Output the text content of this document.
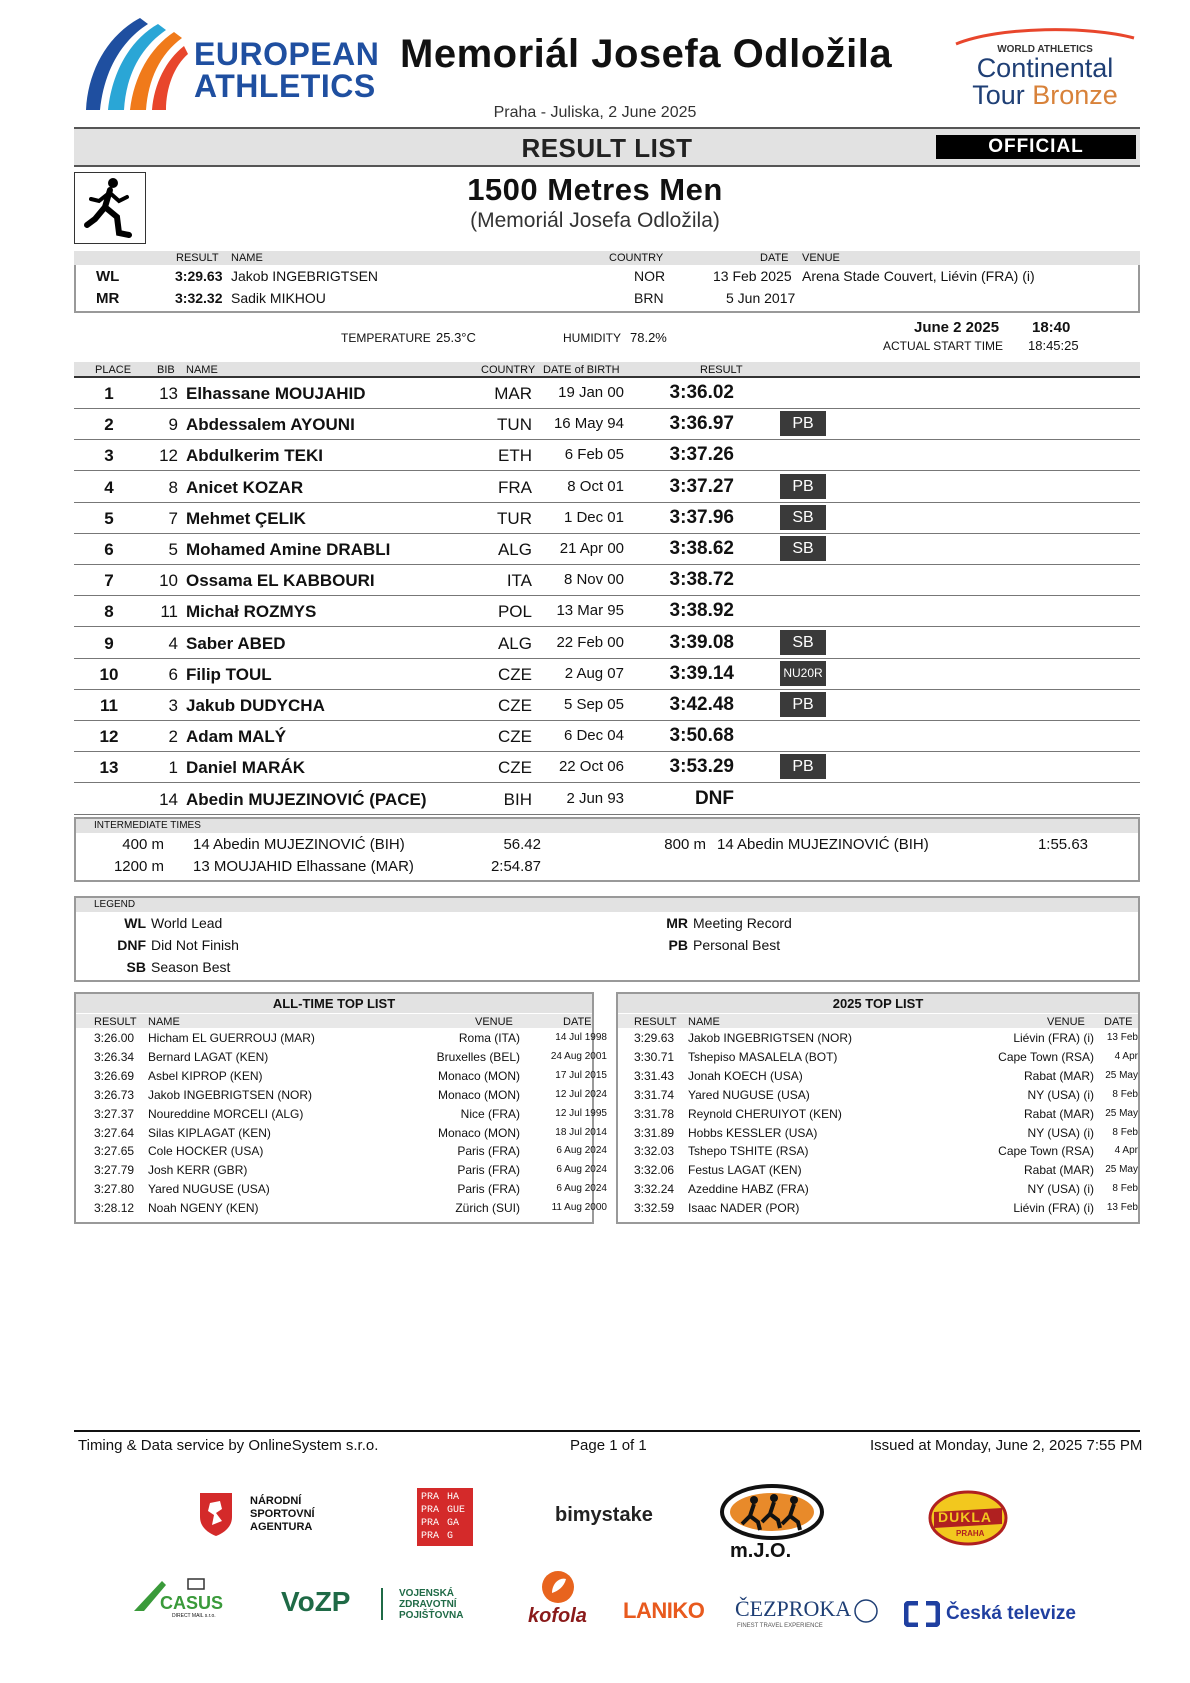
EUROPEAN
ATHLETICS
Memoriál Josefa Odložila	WORLD ATHLETICS
Continental
Tour Bronze
Praha - Juliska, 2 June 2025
RESULT LIST	OFFICIAL
1500 Metres Men
(Memoriál Josefa Odložila)
RESULT NAME	COUNTRY	DATE VENUE
WL	3:29.63 Jakob INGEBRIGTSEN	NOR	13 Feb 2025 Arena Stade Couvert, Liévin (FRA) (i)
MR	3:32.32 Sadik MIKHOU	BRN	5 Jun 2017
TEMPERATURE 25.3°C	HUMIDITY 78.2%
June 2 2025 18:40
ACTUAL START TIME 18:45:25
PLACE BIB NAME	COUNTRY DATE of BIRTH	RESULT
1	13 Elhassane MOUJAHID	MAR	19 Jan 00	3:36.02
2	9 Abdessalem AYOUNI	TUN	16 May 94	3:36.97	PB
3	12 Abdulkerim TEKI	ETH	6 Feb 05	3:37.26
4	8 Anicet KOZAR	FRA	8 Oct 01	3:37.27	PB
5	7 Mehmet ÇELIK	TUR	1 Dec 01	3:37.96	SB
6	5 Mohamed Amine DRABLI	ALG	21 Apr 00	3:38.62	SB
7	10 Ossama EL KABBOURI	ITA	8 Nov 00	3:38.72
8	11 Michał ROZMYS	POL	13 Mar 95	3:38.92
9	4 Saber ABED	ALG	22 Feb 00	3:39.08	SB
10	6 Filip TOUL	CZE	2 Aug 07	3:39.14	NU20R
11	3 Jakub DUDYCHA	CZE	5 Sep 05	3:42.48	PB
12	2 Adam MALÝ	CZE	6 Dec 04	3:50.68
13	1 Daniel MARÁK	CZE	22 Oct 06	3:53.29	PB
14 Abedin MUJEZINOVIĆ (PACE)	BIH	2 Jun 93	DNF
INTERMEDIATE TIMES
400 m 14 Abedin MUJEZINOVIĆ (BIH)	56.42	800 m 14 Abedin MUJEZINOVIĆ (BIH)	1:55.63
1200 m 13 MOUJAHID Elhassane (MAR)	2:54.87
LEGEND
WL World Lead
DNF Did Not Finish
SB Season Best
MR Meeting Record
PB Personal Best
ALL-TIME TOP LIST
RESULT NAME	VENUE	DATE
3:26.00 Hicham EL GUERROUJ (MAR)	Roma (ITA)	14 Jul 1998
3:26.34 Bernard LAGAT (KEN)	Bruxelles (BEL)	24 Aug 2001
3:26.69 Asbel KIPROP (KEN)	Monaco (MON)	17 Jul 2015
3:26.73 Jakob INGEBRIGTSEN (NOR)	Monaco (MON)	12 Jul 2024
3:27.37 Noureddine MORCELI (ALG)	Nice (FRA)	12 Jul 1995
3:27.64 Silas KIPLAGAT (KEN)	Monaco (MON)	18 Jul 2014
3:27.65 Cole HOCKER (USA)	Paris (FRA)	6 Aug 2024
3:27.79 Josh KERR (GBR)	Paris (FRA)	6 Aug 2024
3:27.80 Yared NUGUSE (USA)	Paris (FRA)	6 Aug 2024
3:28.12 Noah NGENY (KEN)	Zürich (SUI)	11 Aug 2000
2025 TOP LIST
RESULT NAME	VENUE DATE
3:29.63 Jakob INGEBRIGTSEN (NOR)	Liévin (FRA) (i)	13 Feb
3:30.71 Tshepiso MASALELA (BOT)	Cape Town (RSA)	4 Apr
3:31.43 Jonah KOECH (USA)	Rabat (MAR)	25 May
3:31.74 Yared NUGUSE (USA)	NY (USA) (i)	8 Feb
3:31.78 Reynold CHERUIYOT (KEN)	Rabat (MAR)	25 May
3:31.89 Hobbs KESSLER (USA)	NY (USA) (i)	8 Feb
3:32.03 Tshepo TSHITE (RSA)	Cape Town (RSA)	4 Apr
3:32.06 Festus LAGAT (KEN)	Rabat (MAR)	25 May
3:32.24 Azeddine HABZ (FRA)	NY (USA) (i)	8 Feb
3:32.59 Isaac NADER (POR)	Liévin (FRA) (i)	13 Feb
Timing & Data service by OnlineSystem s.r.o.	Page 1 of 1	Issued at Monday, June 2, 2025 7:55 PM
NÁRODNÍ
SPORTOVNÍ
AGENTURA
PRA HA
PRA GUE
PRA GA
PRA G
bimystake
m.J.O.
DUKLA
PRAHA
CASUS
DIRECT MAIL s.r.o. VoZP	VOJENSKÁ
ZDRAVOTNÍ
POJIŠŤOVNA	kofola LANIKO ČEZPROKA
FINEST TRAVEL EXPERIENCE
Česká televize
